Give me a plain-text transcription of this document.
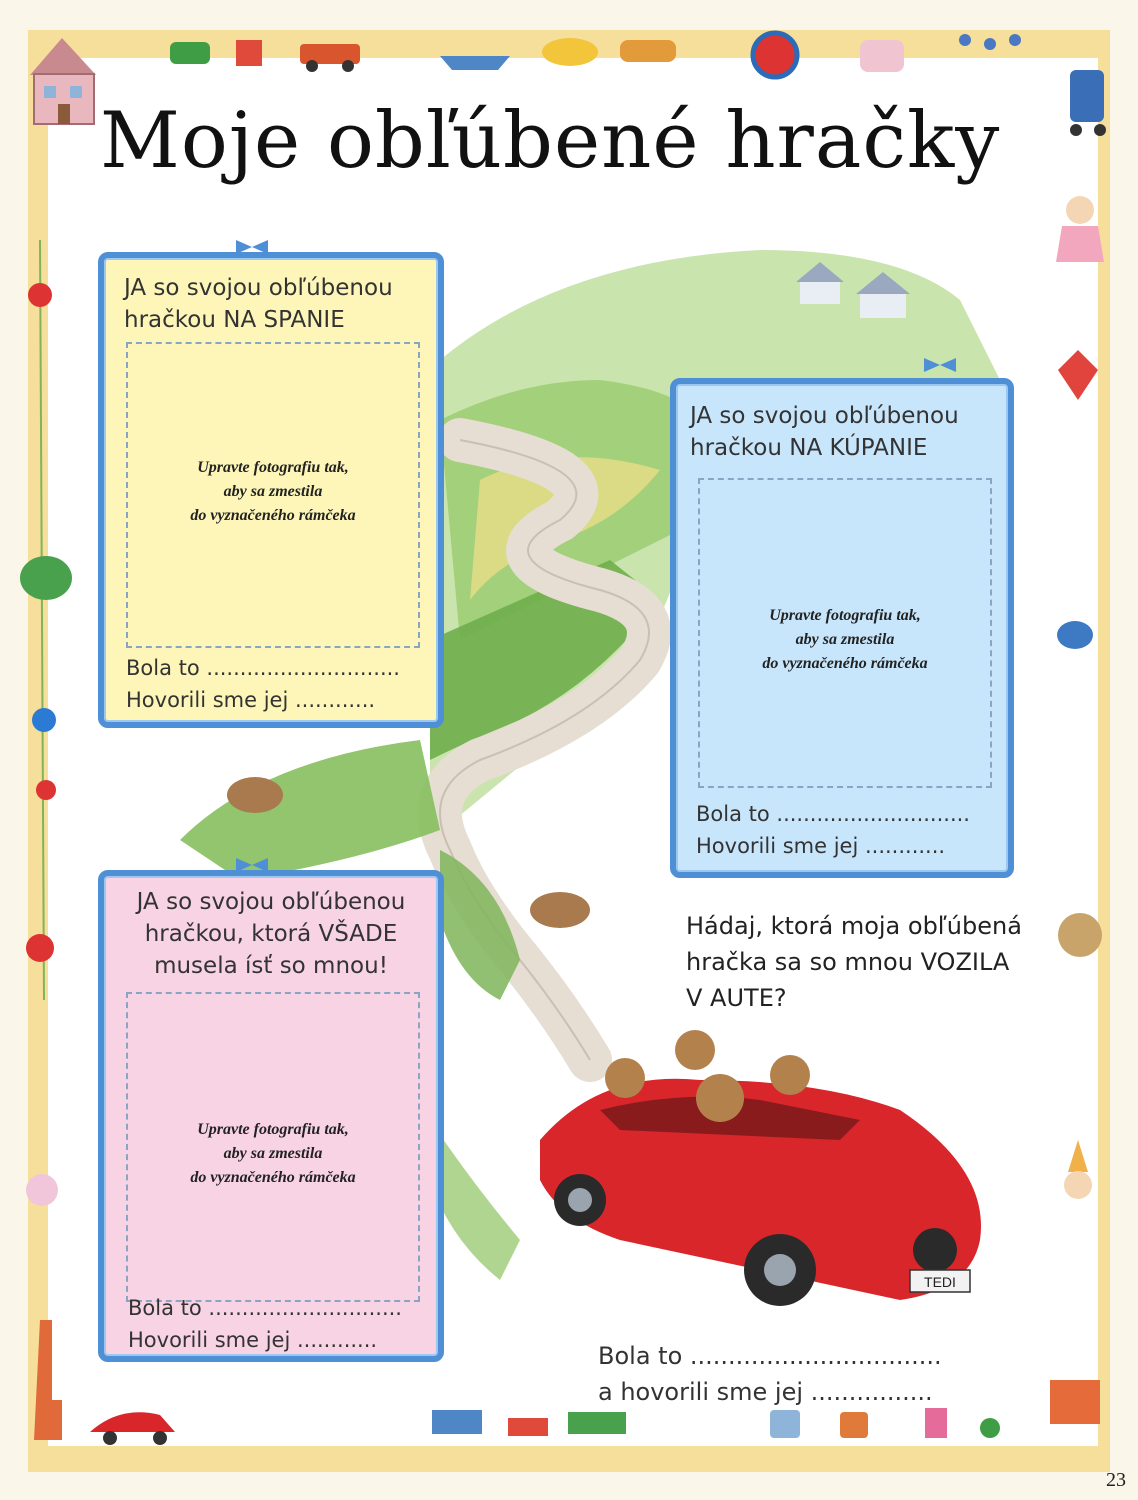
TEDI
Moje obľúbené hračky
JA so svojou obľúbenou
hračkou NA SPANIE
Upravte fotografiu tak,
aby sa zmestila
do vyznačeného rámčeka
Bola to .............................
Hovorili sme jej ............
JA so svojou obľúbenou
hračkou NA KÚPANIE
Upravte fotografiu tak,
aby sa zmestila
do vyznačeného rámčeka
Bola to .............................
Hovorili sme jej ............
JA so svojou obľúbenou
hračkou, ktorá VŠADE
musela ísť so mnou!
Upravte fotografiu tak,
aby sa zmestila
do vyznačeného rámčeka
Bola to .............................
Hovorili sme jej ............
Hádaj, ktorá moja obľúbená
hračka sa so mnou VOZILA
V AUTE?
Bola to .................................
a hovorili sme jej ................
23
